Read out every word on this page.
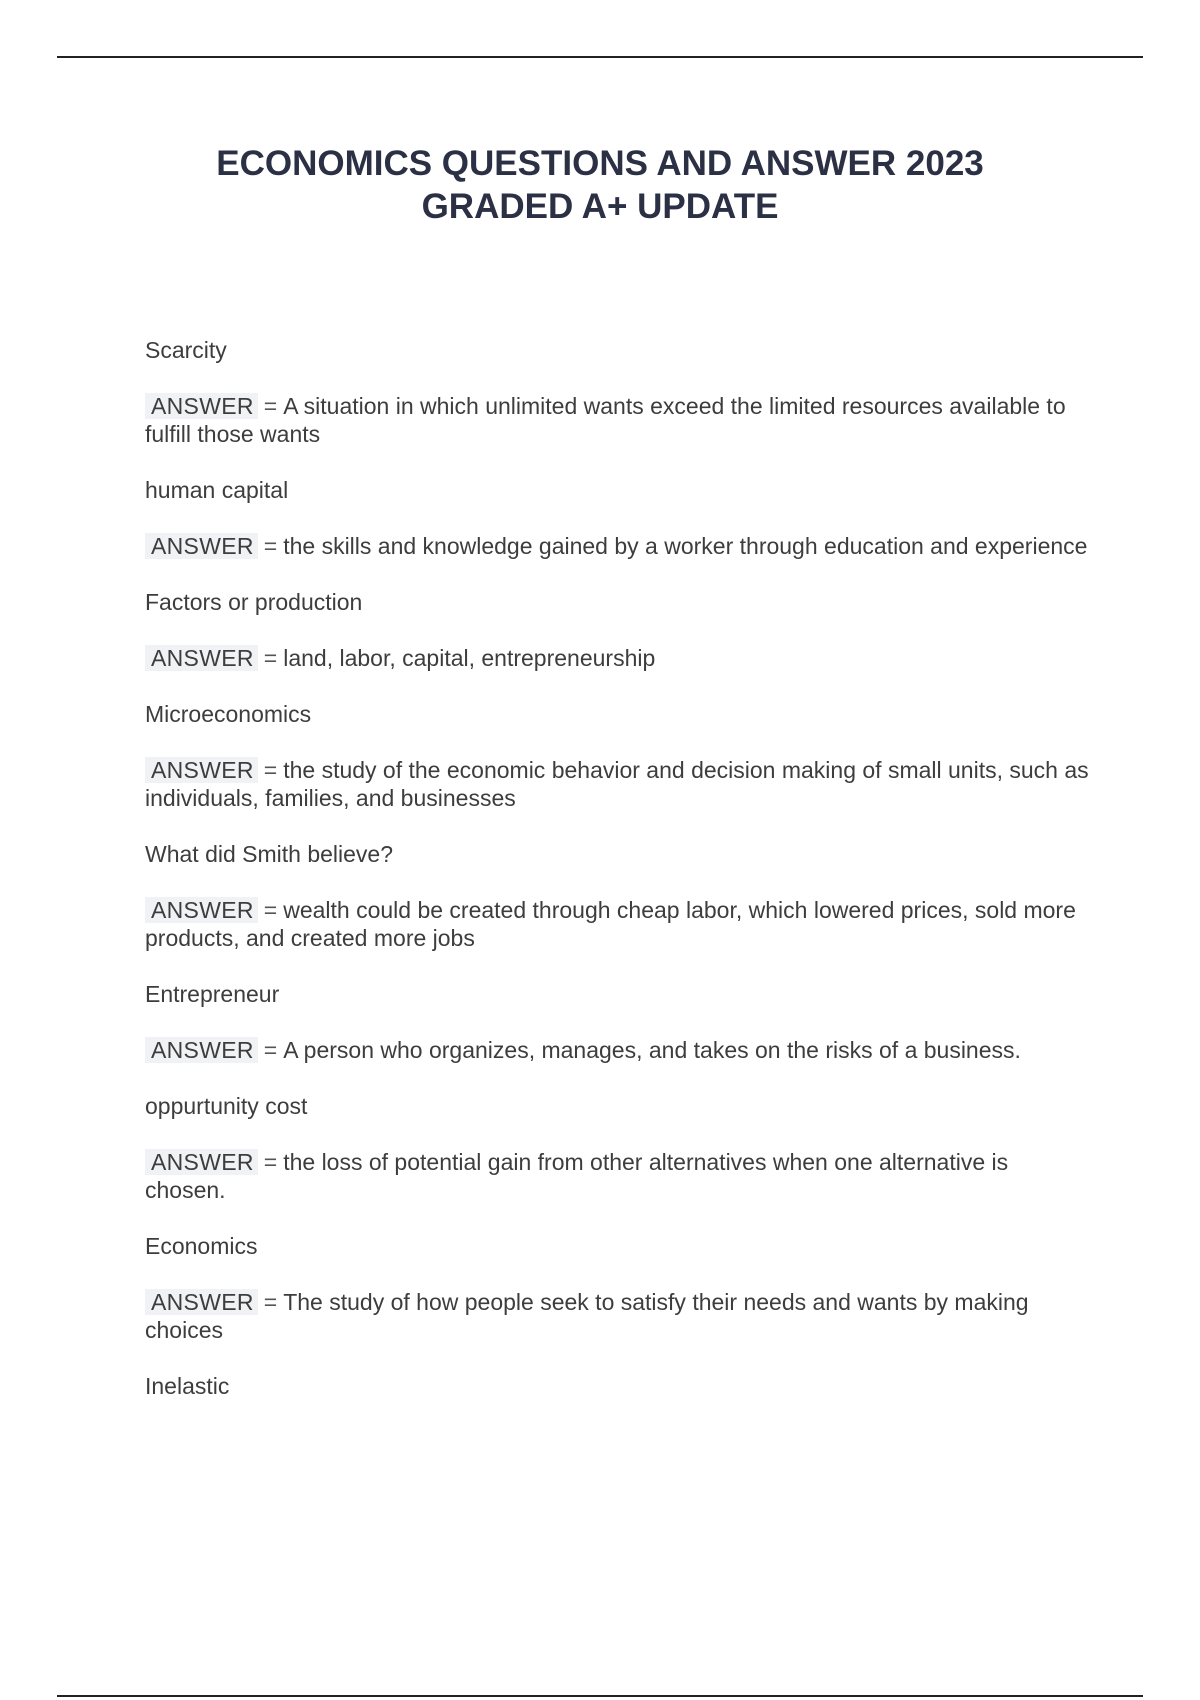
ECONOMICS QUESTIONS AND ANSWER 2023
GRADED A+ UPDATE
Scarcity
ANSWER = A situation in which unlimited wants exceed the limited resources available to fulfill those wants
human capital
ANSWER = the skills and knowledge gained by a worker through education and experience
Factors or production
ANSWER = land, labor, capital, entrepreneurship
Microeconomics
ANSWER = the study of the economic behavior and decision making of small units, such as individuals, families, and businesses
What did Smith believe?
ANSWER = wealth could be created through cheap labor, which lowered prices, sold more products, and created more jobs
Entrepreneur
ANSWER = A person who organizes, manages, and takes on the risks of a business.
oppurtunity cost
ANSWER = the loss of potential gain from other alternatives when one alternative is chosen.
Economics
ANSWER = The study of how people seek to satisfy their needs and wants by making choices
Inelastic
